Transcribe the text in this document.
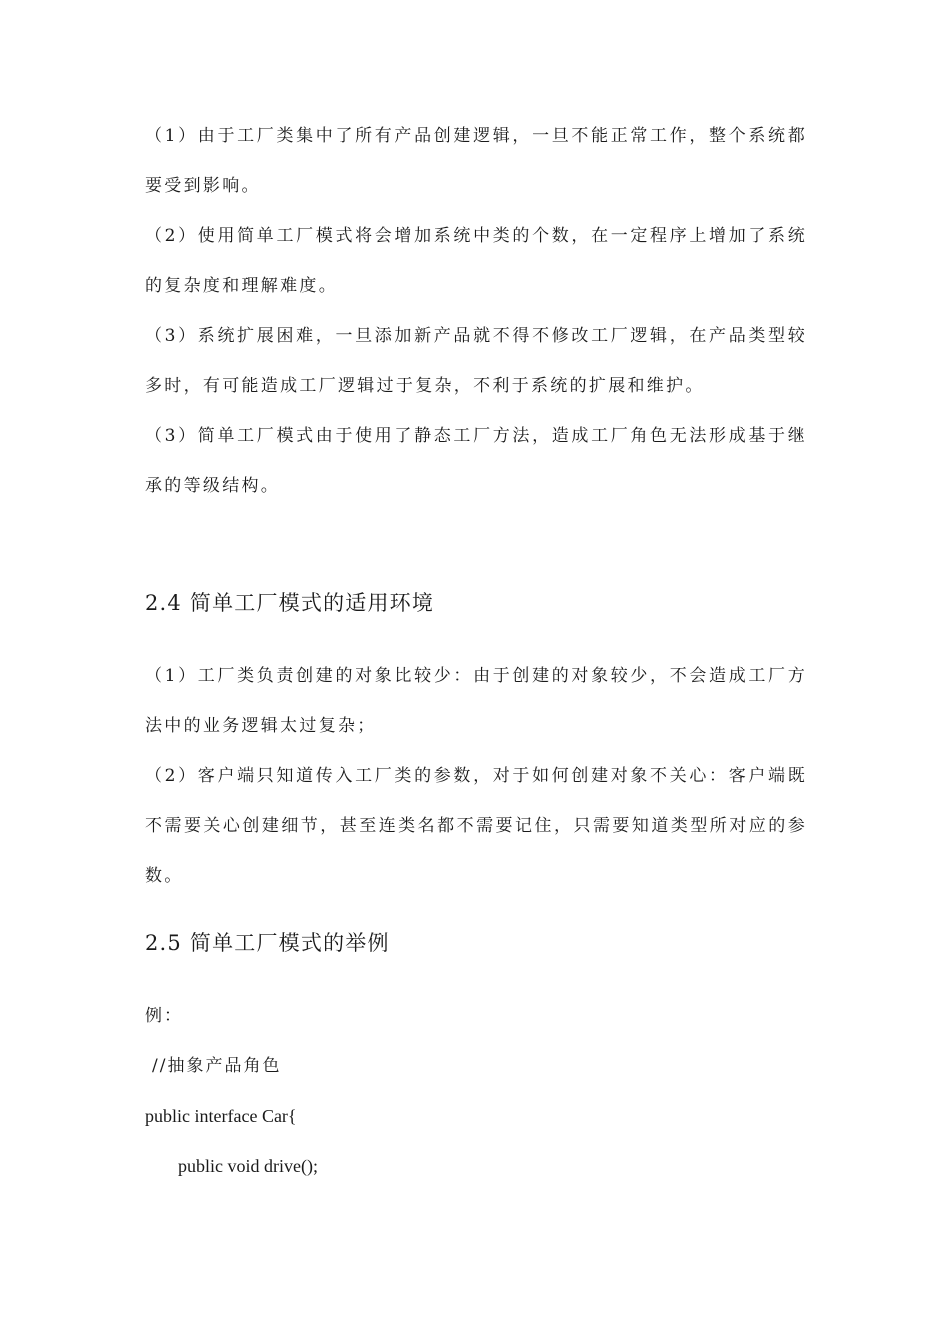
（1）由于工厂类集中了所有产品创建逻辑，一旦不能正常工作，整个系统都要受到影响。

（2）使用简单工厂模式将会增加系统中类的个数，在一定程序上增加了系统的复杂度和理解难度。

（3）系统扩展困难，一旦添加新产品就不得不修改工厂逻辑，在产品类型较多时，有可能造成工厂逻辑过于复杂，不利于系统的扩展和维护。

（3）简单工厂模式由于使用了静态工厂方法，造成工厂角色无法形成基于继承的等级结构。

2.4 简单工厂模式的适用环境

（1）工厂类负责创建的对象比较少：由于创建的对象较少，不会造成工厂方法中的业务逻辑太过复杂；

（2）客户端只知道传入工厂类的参数，对于如何创建对象不关心：客户端既不需要关心创建细节，甚至连类名都不需要记住，只需要知道类型所对应的参数。

2.5 简单工厂模式的举例

例：

//抽象产品角色

public interface Car{

public void drive();
